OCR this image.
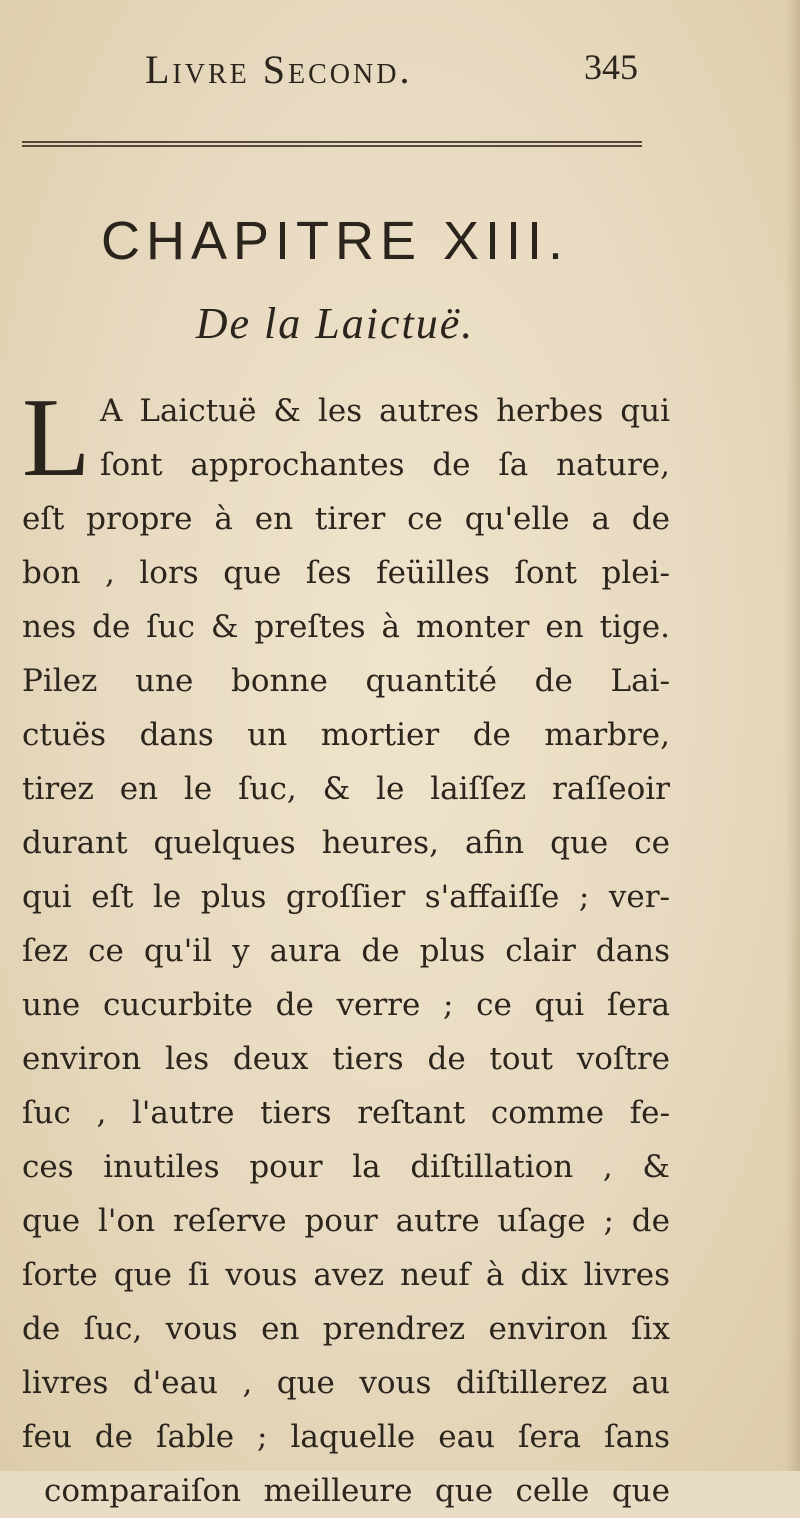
Livre Second.	345
CHAPITRE XIII.
De la Laictuë.
L A Laictuë & les autres herbes qui
ſont approchantes de ſa nature,
eſt propre à en tirer ce qu'elle a de
bon , lors que ſes feüilles ſont plei-
nes de ſuc & preſtes à monter en tige.
Pilez une bonne quantité de Lai-
ctuës dans un mortier de marbre,
tirez en le ſuc, & le laiſſez raſſeoir
durant quelques heures, afin que ce
qui eſt le plus groſſier s'affaiſſe ; ver-
ſez ce qu'il y aura de plus clair dans
une cucurbite de verre ; ce qui ſera
environ les deux tiers de tout voſtre
ſuc , l'autre tiers reſtant comme fe-
ces inutiles pour la diſtillation , &
que l'on reſerve pour autre uſage ; de
ſorte que ſi vous avez neuf à dix livres
de ſuc, vous en prendrez environ ſix
livres d'eau , que vous diſtillerez au
feu de ſable ; laquelle eau ſera ſans
comparaiſon meilleure que celle que
